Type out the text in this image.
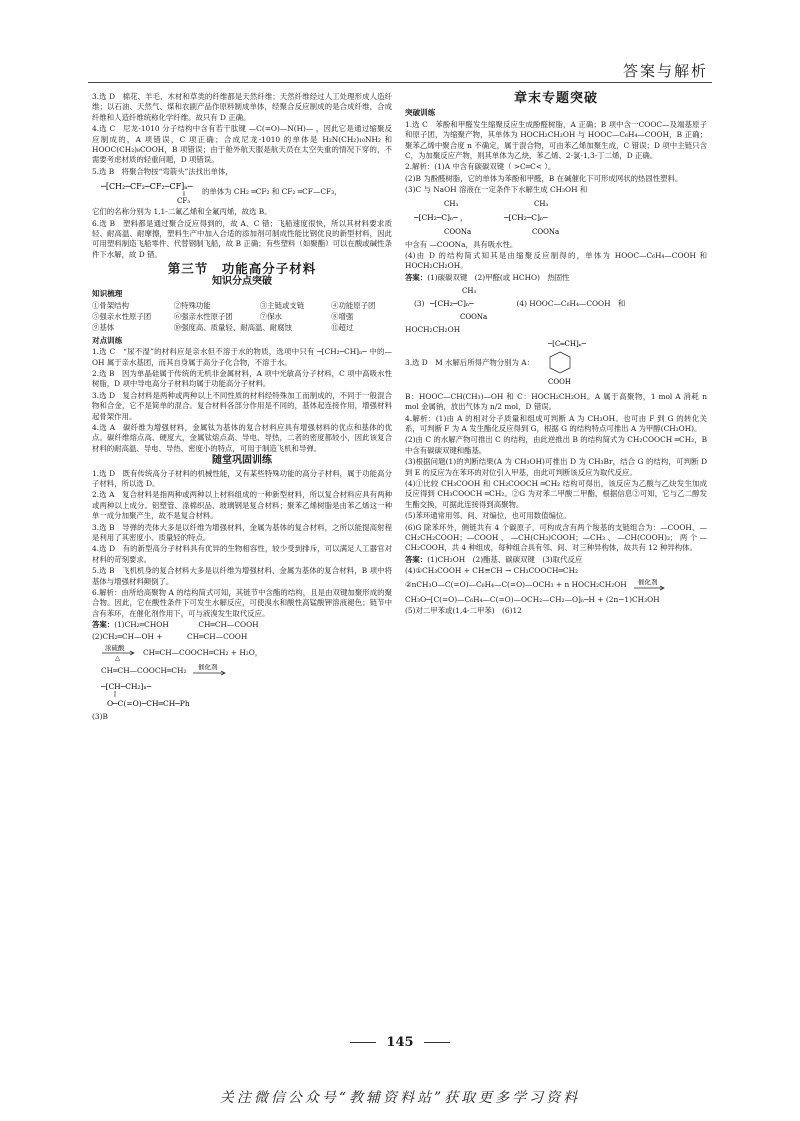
答案与解析

3.选 D　棉花、羊毛、木材和草类的纤维都是天然纤维；天然纤维经过人工处理形成人造纤维；以石油、天然气、煤和农副产品作原料制成单体，经聚合反应制成的是合成纤维，合成纤维和人造纤维统称化学纤维。故只有 D 正确。

4.选 C　尼龙-1010 分子结构中含有若干肽键 —C(=O)—N(H)— ，因此它是通过缩聚反应制成的，A 项错误，C 项正确；合成尼龙-1010 的单体是 H₂N(CH₂)₁₀NH₂ 和 HOOC(CH₂)₈COOH，B 项错误；由于舱外航天服是航天员在太空失重的情况下穿的，不需要考虑材质的轻重问题，D 项错误。

5.选 B　将聚合物按“弯箭头”法找出单体，

─[CH₂─CF₂─CF₂─CF]ₙ─
CF₃
的单体为 CH₂ ═CF₂ 和 CF₂ ═CF—CF₃，

它们的名称分别为 1,1-二氟乙烯和全氟丙烯，故选 B。

6.选 B　塑料都是通过聚合反应得到的，故 A、C 错；飞船速度很快，所以其材料要求质轻、耐高温、耐摩擦，塑料生产中加入合适的添加剂可制成性能比钢优良的新型材料，因此可用塑料制造飞船零件、代替钢制飞船，故 B 正确；有些塑料（如聚酯）可以在酸或碱性条件下水解，故 D 错。

第三节　功能高分子材料
知识分点突破
知识梳理
①骨架结构	②特殊功能	③主链或支链	④功能原子团
⑤强亲水性原子团	⑥强亲水性原子团	⑦保水	⑧增强
⑨基体	⑩强度高、质量轻、耐高温、耐腐蚀	⑪超过
对点训练

1.选 C　“尿不湿”的材料应是亲水但不溶于水的物质，选项中只有 ─[CH₂─CH]ₙ─ 中的—OH 属于亲水基团，而其自身属于高分子化合物，不溶于水。

2.选 B　因为单晶硅属于传统的无机非金属材料，A 项中光敏高分子材料，C 项中高吸水性树脂，D 项中导电高分子材料均属于功能高分子材料。

3.选 D　复合材料是两种或两种以上不同性质的材料经特殊加工而制成的，不同于一般混合物和合金，它不是简单的混合。复合材料各部分作用是不同的，基体起连接作用，增强材料起骨架作用。

4.选 A　碳纤维为增强材料，金属钛为基体的复合材料应具有增强材料的优点和基体的优点。碳纤维熔点高、硬度大，金属钛熔点高、导电、导热，二者的密度都较小，因此该复合材料的耐高温、导电、导热、密度小的特点，可用于制造飞机和导弹。

随堂巩固训练

1.选 D　既有传统高分子材料的机械性能，又有某些特殊功能的高分子材料，属于功能高分子材料，所以选 D。

2.选 A　复合材料是指两种或两种以上材料组成的一种新型材料，所以复合材料应具有两种或两种以上成分。铝塑管、涤棉织品、玻璃钢是复合材料；聚苯乙烯树脂是由苯乙烯这一种单一成分加聚产生，故不是复合材料。

3.选 B　导弹的壳体大多是以纤维为增强材料，金属为基体的复合材料，之所以能提高射程是利用了其密度小、质量轻的特点。

4.选 D　有的新型高分子材料具有优异的生物相容性，较少受到排斥，可以满足人工器官对材料的苛刻要求。

5.选 B　飞机机身的复合材料大多是以纤维为增强材料、金属为基体的复合材料，B 项中将基体与增强材料颠倒了。

6.解析：由所给高聚物 A 的结构简式可知，其链节中含酯的结构，且是由双键加聚形成的聚合物。因此，它在酸性条件下可发生水解反应，可使溴水和酸性高锰酸钾溶液褪色；链节中含有苯环，在催化剂作用下，可与液溴发生取代反应。

答案：(1)CH₂═CHOH　　　　CH═CH—COOH

(2)CH₂═CH—OH + 　　　CH═CH—COOH

浓硫酸
△
CH═CH—COOCH═CH₂ + H₂O，
CH═CH—COOCH═CH₂ 催化剂
─[CH─CH₂]ₙ─
O─C(=O)─CH═CH─Ph

(3)B

章末专题突破
突破训练

1.选 C　苯酚和甲醛发生缩聚反应生成酚醛树脂，A 正确；B 项中含一COOC—及端基原子和原子团，为缩聚产物，其单体为 HOCH₂CH₂OH 与 HOOC—C₆H₄—COOH，B 正确；聚苯乙烯中聚合度 n 不确定，属于混合物，可由苯乙烯加聚生成，C 错误；D 项中主链只含 C，为加聚反应产物，则其单体为乙炔、苯乙烯、2-氯-1,3-丁二烯，D 正确。

2.解析：(1)A 中含有碳碳双键（ >C═C< ）。

(2)B 为酚醛树脂，它的单体为苯酚和甲醛，B 在碱催化下可形成网状的热固性塑料。

(3)C 与 NaOH 溶液在一定条件下水解生成 CH₃OH 和

CH₃
─[CH₂─C]ₙ─ ，
COONa
CH₃
─[CH₂─C]ₙ─
COONa

中含有 —COONa，具有吸水性。

(4)由 D 的结构简式知其是由缩聚反应制得的，单体为 HOOC—C₆H₄—COOH 和 HOCH₂CH₂OH。

答案：(1)碳碳双键　(2)甲醛(或 HCHO)　热固性

(3)
CH₃
─[CH₂─C]ₙ─
COONa
(4) HOOC—C₆H₄—COOH　和

HOCH₂CH₂OH

3.选 D　M 水解后所得产物分别为 A：
─[C═CH]ₙ─
COOH

B：HOOC—CH(CH₃)—OH 和 C：HOCH₂CH₂OH。A 属于高聚物，1 mol A 消耗 n mol 金属钠，放出气体为 n/2 mol，D 错误。

4.解析：(1)由 A 的相对分子质量和组成可判断 A 为 CH₃OH。也可由 F 到 G 的转化关系，可判断 F 为 A 发生酯化反应得到 G，根据 G 的结构特点可推出 A 为甲醇(CH₃OH)。

(2)由 C 的水解产物可推出 C 的结构，由此逆推出 B 的结构简式为 CH₂COOCH ═CH₂，B 中含有碳碳双键和酯基。

(3)根据问题(1)的判断结果(A 为 CH₃OH)可推出 D 为 CH₃Br，结合 G 的结构，可判断 D 到 E 的反应为在苯环的对位引入甲基，由此可判断该反应为取代反应。

(4)①比较 CH₃COOH 和 CH₂COOCH ═CH₂ 结构可得出，该反应为乙酸与乙炔发生加成反应得到 CH₃COOCH ═CH₂。②G 为对苯二甲酸二甲酯，根据信息②可知，它与乙二醇发生酯交换，可据此连接得到高聚物。

(5)苯环通常用邻、间、对编位，也可用数值编位。

(6)G 除苯环外，侧链共有 4 个碳原子，可构成含有两个羧基的支链组合为：—COOH、—CH₂CH₂COOH；—COOH、—CH(CH₃)COOH；—CH₃、—CH(COOH)₂；两个—CH₂COOH，共 4 种组成，每种组合具有邻、间、对三种异构体，故共有 12 种异构体。

答案：(1)CH₃OH　(2)酯基、碳碳双键　(3)取代反应

(4)①CH₃COOH + CH≡CH → CH₃COOCH═CH₂

②nCH₃O—C(=O)—C₆H₄—C(=O)—OCH₃ + n HOCH₂CH₂OH 催化剂

CH₃O─[C(=O)—C₆H₄—C(=O)—OCH₂—CH₂—O]ₙ─H + (2n−1)CH₃OH

(5)对二甲苯或(1,4-二甲苯)　(6)12

145
关注微信公众号“教辅资料站”获取更多学习资料
